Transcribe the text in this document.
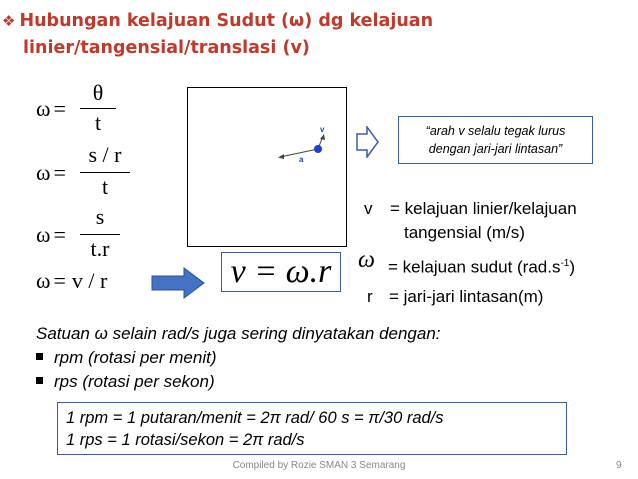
❖ Hubungan kelajuan Sudut (ω) dg kelajuan
linier/tangensial/translasi (v)
ω =
θ
t
ω =
s / r
t
ω =
s
t.r
ω = v / r	v = ω.r
v
a
“arah v selalu tegak lurus
dengan jari-jari lintasan”
v = kelajuan linier/kelajuan
tangensial (m/s)
ω = kelajuan sudut $(rad.s^{-1})$
r = jari-jari lintasan(m)
Satuan ω selain rad/s juga sering dinyatakan dengan:
rpm (rotasi per menit)
rps (rotasi per sekon)
1 rpm = 1 putaran/menit = 2π rad/ 60 s = π/30 rad/s
1 rps = 1 rotasi/sekon = 2π rad/s
Compiled by Rozie SMAN 3 Semarang	9
